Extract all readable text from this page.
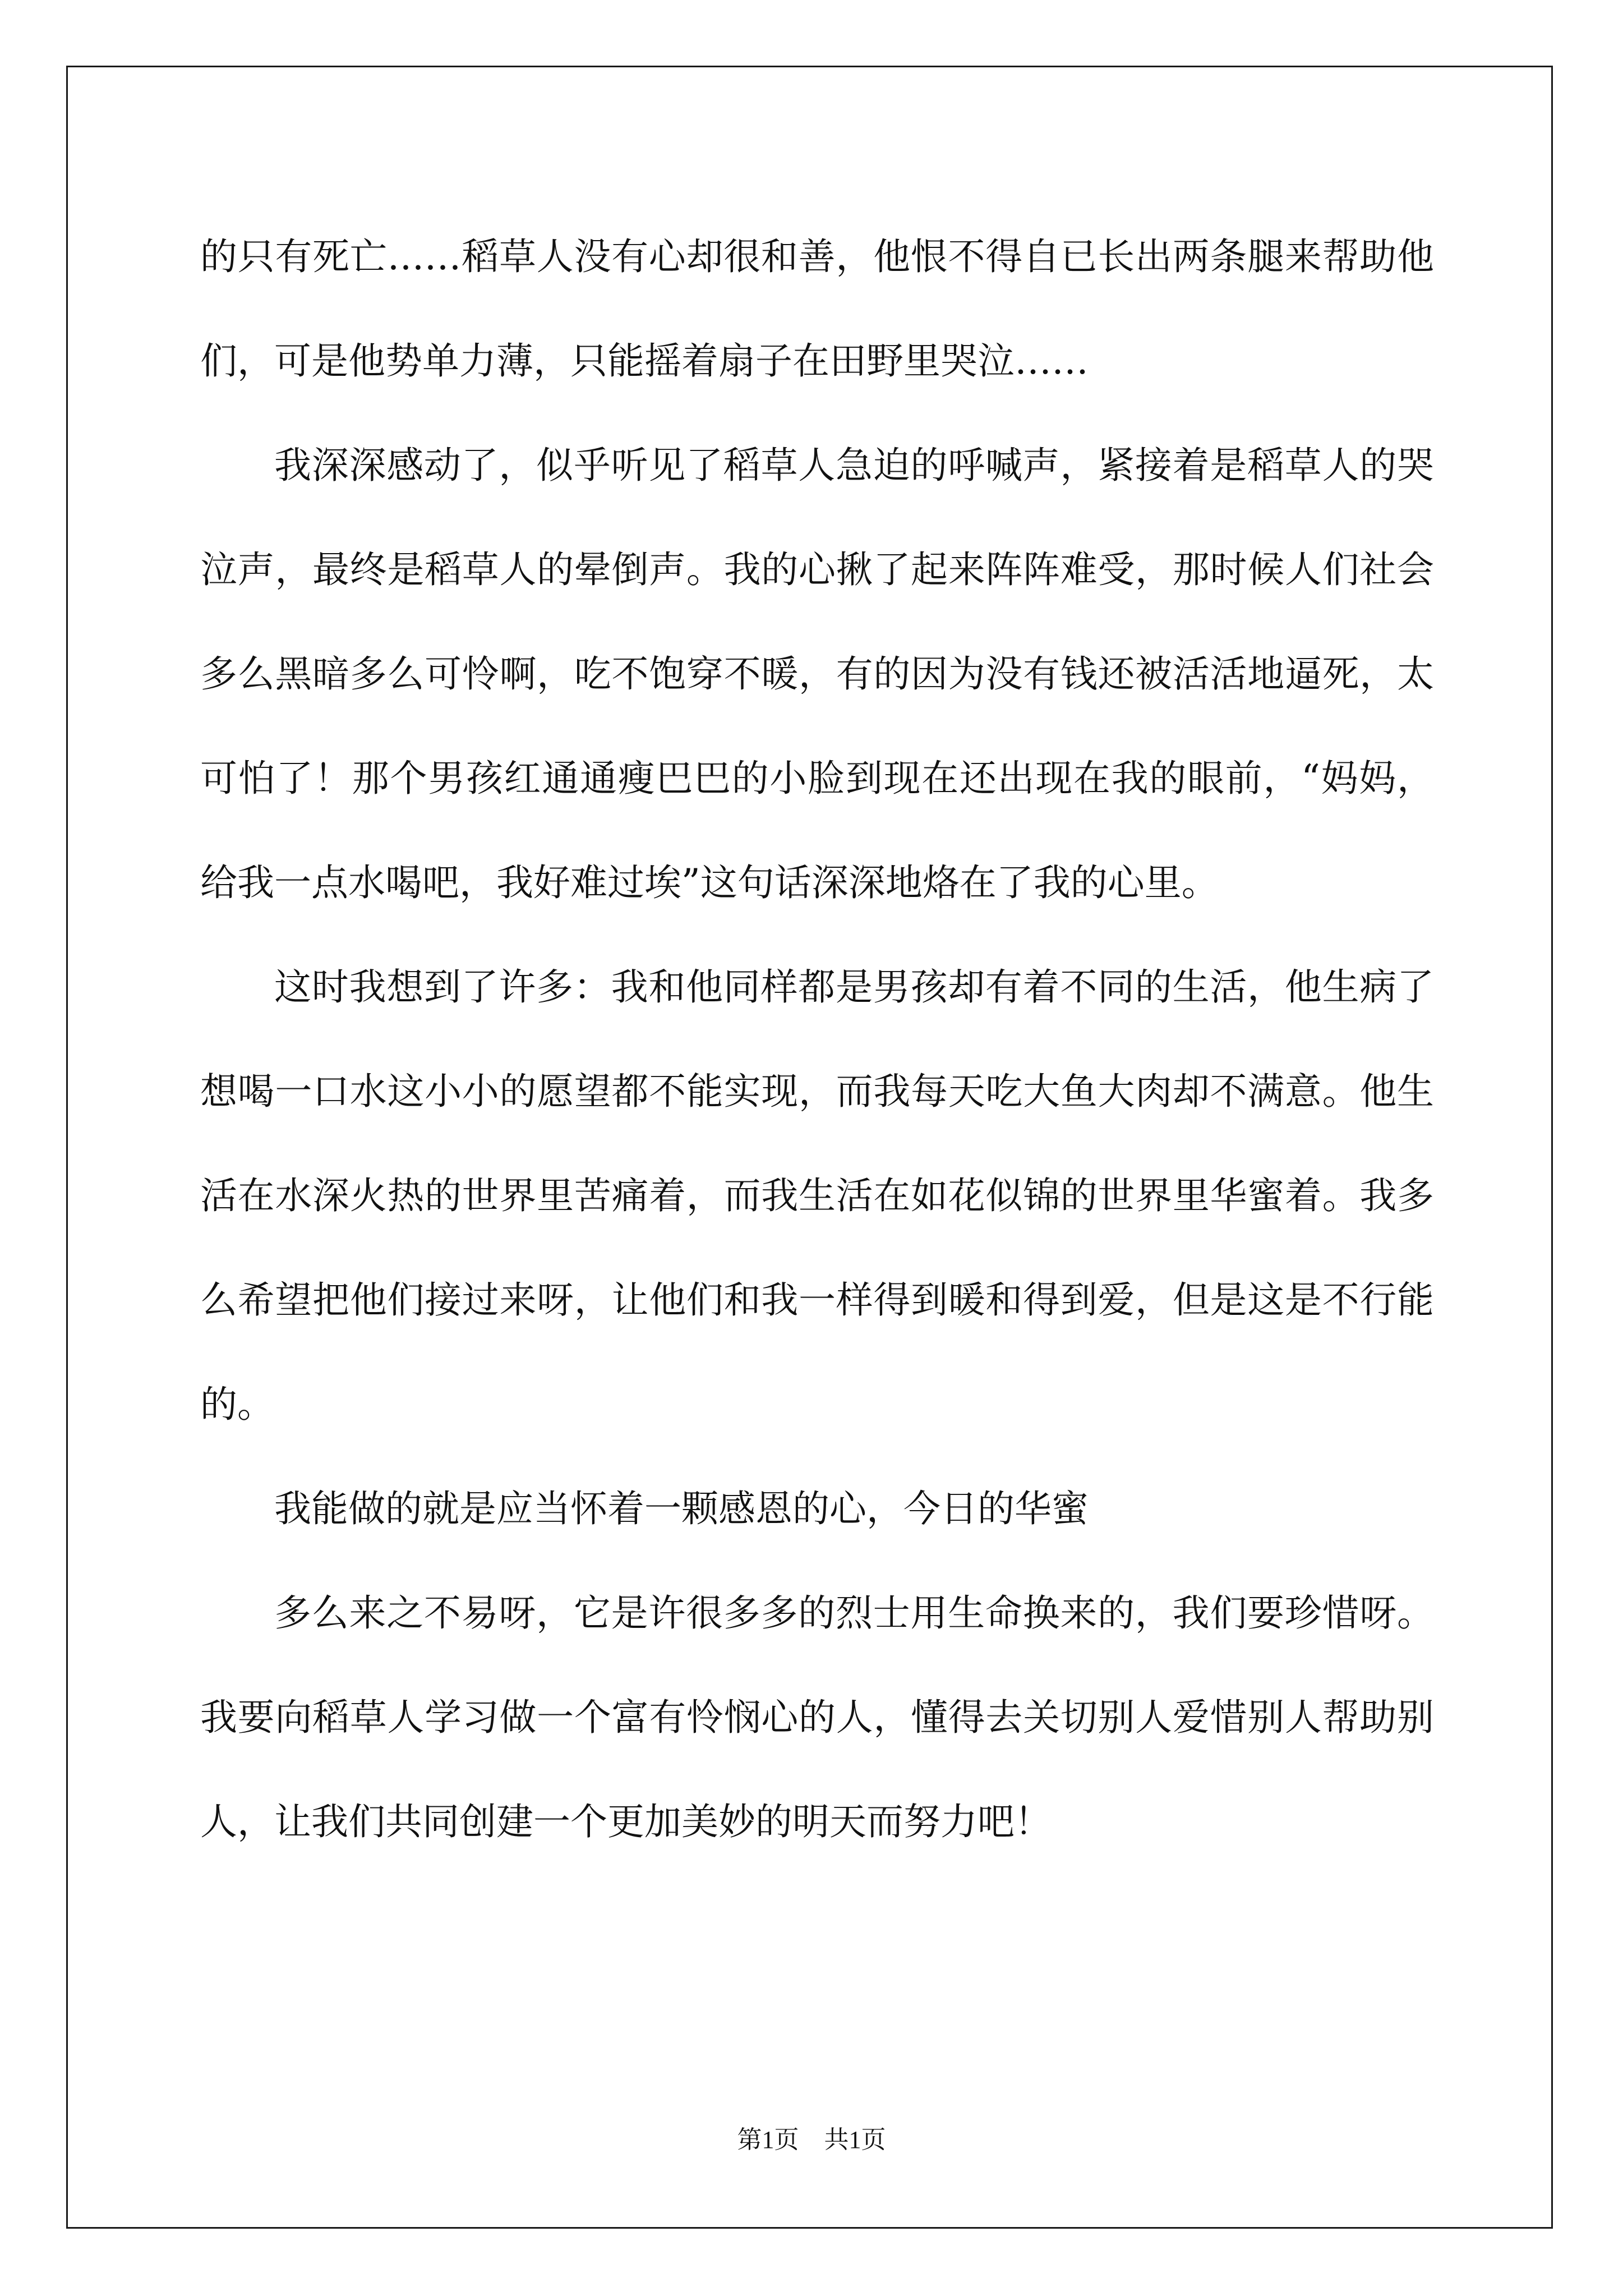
的只有死亡……稻草人没有心却很和善，他恨不得自已长出两条腿来帮助他们，可是他势单力薄，只能摇着扇子在田野里哭泣……

我深深感动了，似乎听见了稻草人急迫的呼喊声，紧接着是稻草人的哭泣声，最终是稻草人的晕倒声。我的心揪了起来阵阵难受，那时候人们社会多么黑暗多么可怜啊，吃不饱穿不暖，有的因为没有钱还被活活地逼死，太可怕了！那个男孩红通通瘦巴巴的小脸到现在还出现在我的眼前，“妈妈，给我一点水喝吧，我好难过埃”这句话深深地烙在了我的心里。

这时我想到了许多：我和他同样都是男孩却有着不同的生活，他生病了想喝一口水这小小的愿望都不能实现，而我每天吃大鱼大肉却不满意。他生活在水深火热的世界里苦痛着，而我生活在如花似锦的世界里华蜜着。我多么希望把他们接过来呀，让他们和我一样得到暖和得到爱，但是这是不行能的。

我能做的就是应当怀着一颗感恩的心，今日的华蜜

多么来之不易呀，它是许很多多的烈士用生命换来的，我们要珍惜呀。我要向稻草人学习做一个富有怜悯心的人，懂得去关切别人爱惜别人帮助别人，让我们共同创建一个更加美妙的明天而努力吧！

第1页 共1页
